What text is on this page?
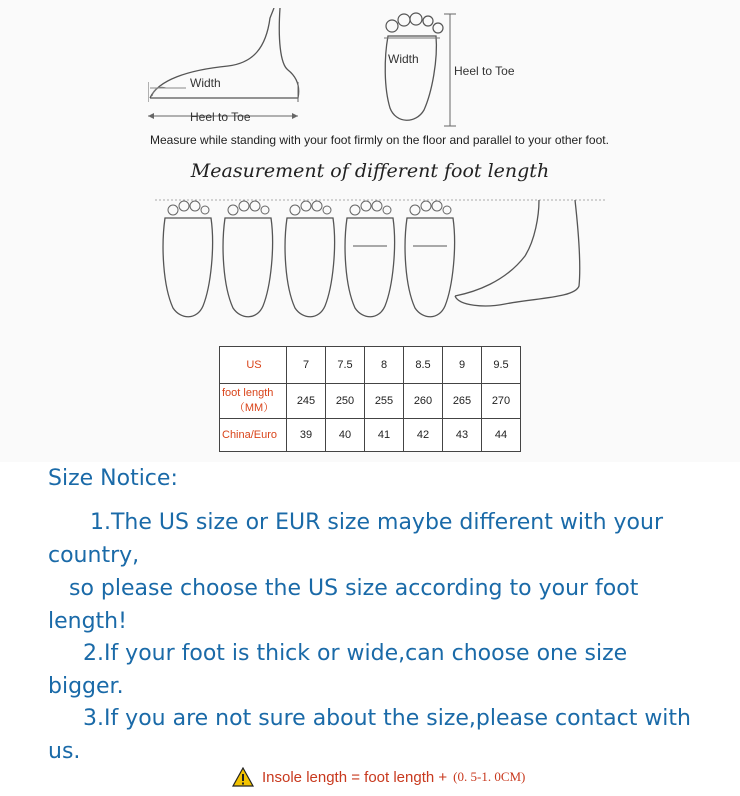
Width
Heel to Toe
Width
Heel to Toe
Measure while standing with your foot firmly on the floor and parallel to your other foot.
Measurement of different foot length
US	7	7.5	8	8.5	9	9.5

foot length
（MM）	245	250	255	260	265	270
China/Euro	39	40	41	42	43	44

Size Notice:

1.The US size or EUR size maybe different with your country,

so please choose the US size according to your foot length!

2.If your foot is thick or wide,can choose one size bigger.

3.If you are not sure about the size,please contact with us.

Insole length = foot length + (0. 5-1. 0CM)
